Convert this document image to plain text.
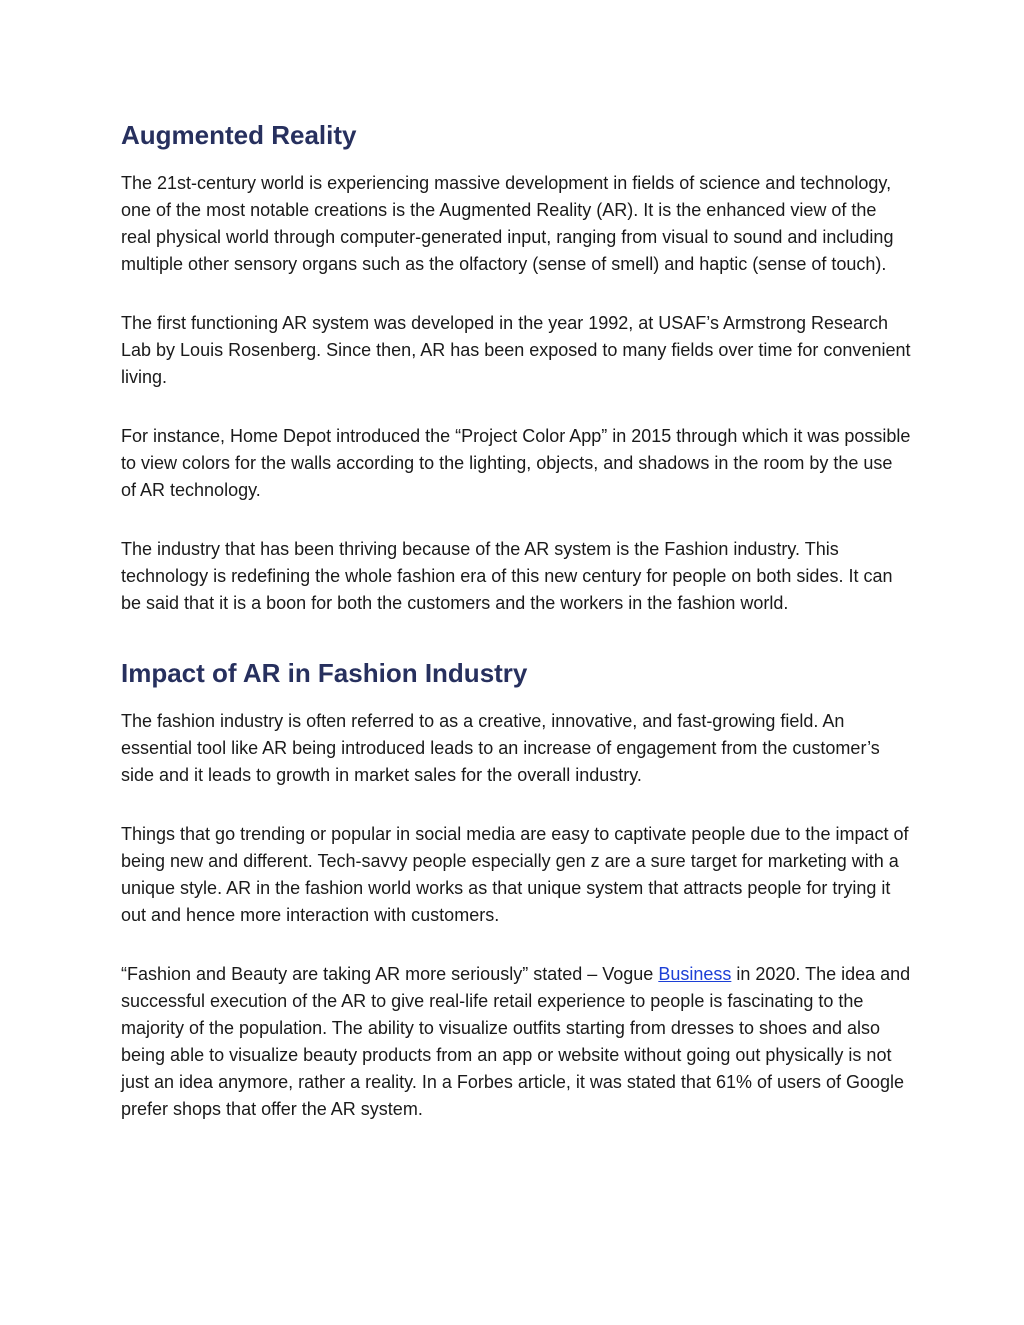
Augmented Reality

The 21st-century world is experiencing massive development in fields of science and technology, one of the most notable creations is the Augmented Reality (AR). It is the enhanced view of the real physical world through computer-generated input, ranging from visual to sound and including multiple other sensory organs such as the olfactory (sense of smell) and haptic (sense of touch).

The first functioning AR system was developed in the year 1992, at USAF’s Armstrong Research Lab by Louis Rosenberg. Since then, AR has been exposed to many fields over time for convenient living.

For instance, Home Depot introduced the “Project Color App” in 2015 through which it was possible to view colors for the walls according to the lighting, objects, and shadows in the room by the use of AR technology.

The industry that has been thriving because of the AR system is the Fashion industry. This technology is redefining the whole fashion era of this new century for people on both sides. It can be said that it is a boon for both the customers and the workers in the fashion world.

Impact of AR in Fashion Industry

The fashion industry is often referred to as a creative, innovative, and fast-growing field. An essential tool like AR being introduced leads to an increase of engagement from the customer’s side and it leads to growth in market sales for the overall industry.

Things that go trending or popular in social media are easy to captivate people due to the impact of being new and different. Tech-savvy people especially gen z are a sure target for marketing with a unique style. AR in the fashion world works as that unique system that attracts people for trying it out and hence more interaction with customers.

“Fashion and Beauty are taking AR more seriously” stated – Vogue Business in 2020. The idea and successful execution of the AR to give real-life retail experience to people is fascinating to the majority of the population. The ability to visualize outfits starting from dresses to shoes and also being able to visualize beauty products from an app or website without going out physically is not just an idea anymore, rather a reality. In a Forbes article, it was stated that 61% of users of Google prefer shops that offer the AR system.
